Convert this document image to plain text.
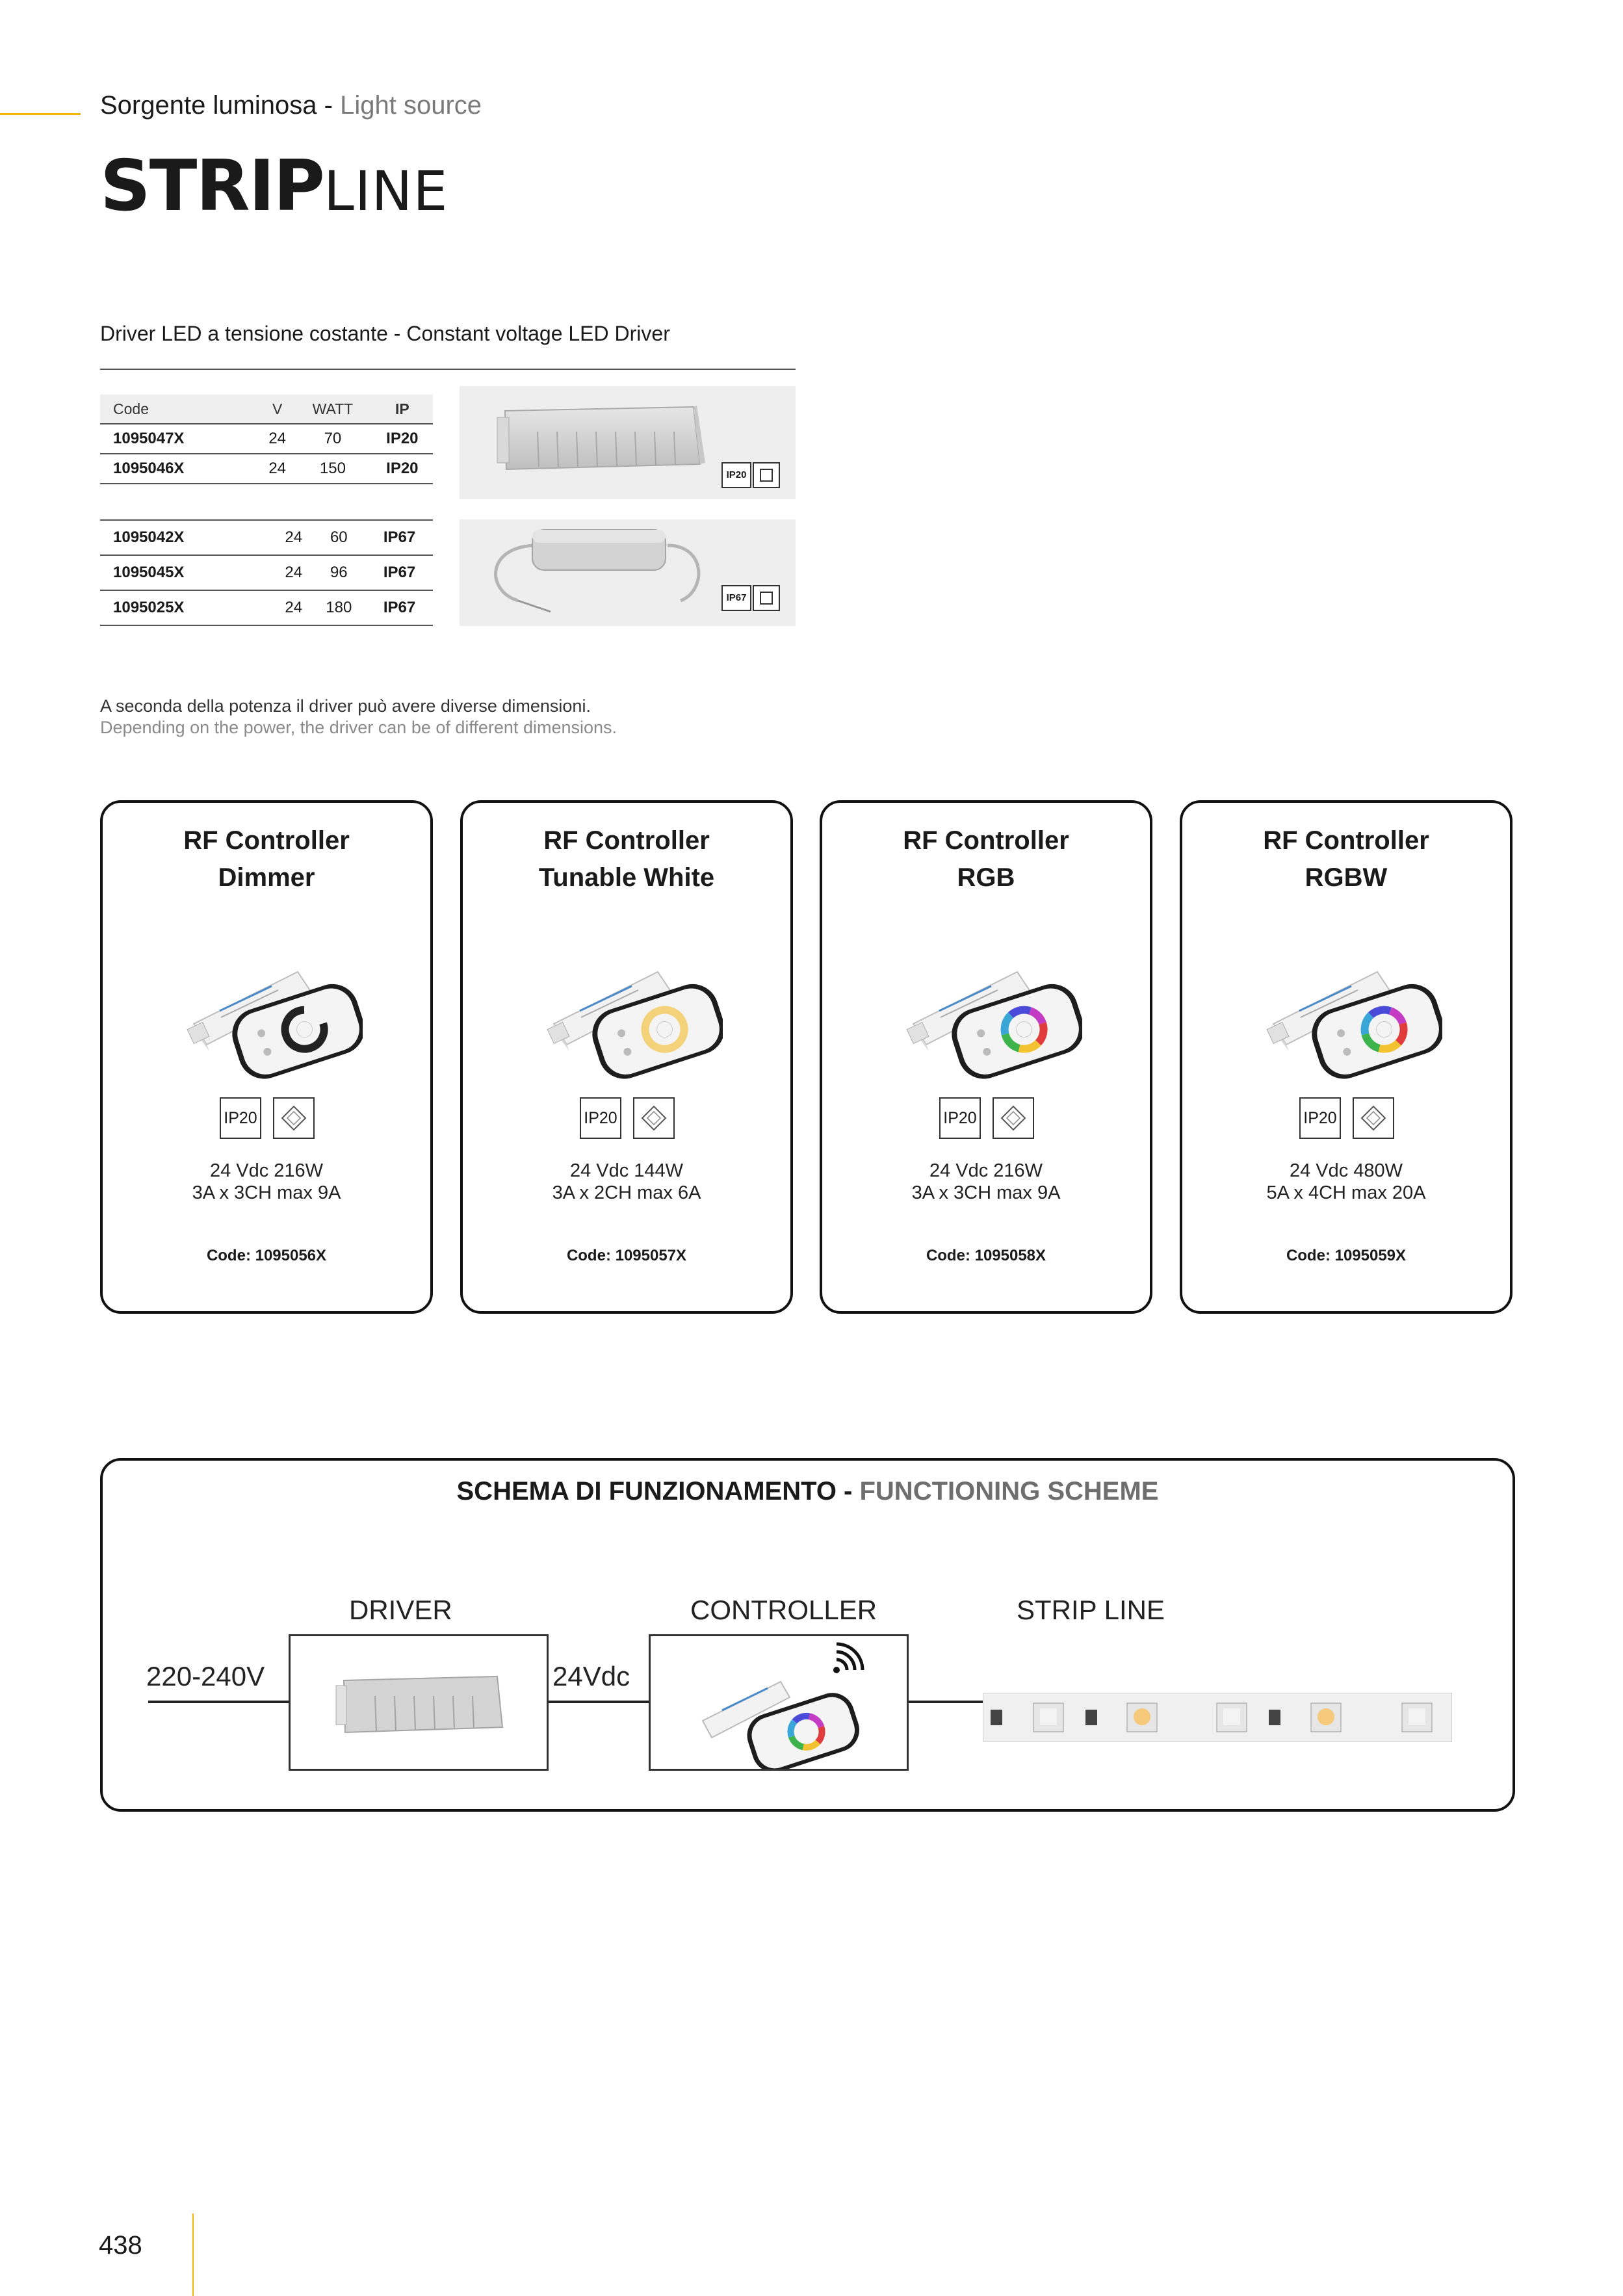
Sorgente luminosa - Light source
STRIPLINE
Driver LED a tensione costante - Constant voltage LED Driver
Code	V	WATT	IP
1095047X	24	70	IP20
1095046X	24	150	IP20
1095042X	24	60	IP67
1095045X	24	96	IP67
1095025X	24	180	IP67
IP20
IP67
A seconda della potenza il driver può avere diverse dimensioni.
Depending on the power, the driver can be of different dimensions.
RF Controller
Dimmer
IP20
24 Vdc 216W
3A x 3CH max 9A
Code: 1095056X
RF Controller
Tunable White
IP20
24 Vdc 144W
3A x 2CH max 6A
Code: 1095057X
RF Controller
RGB
IP20
24 Vdc 216W
3A x 3CH max 9A
Code: 1095058X
RF Controller
RGBW
IP20
24 Vdc 480W
5A x 4CH max 20A
Code: 1095059X
SCHEMA DI FUNZIONAMENTO - FUNCTIONING SCHEME
220-240V
DRIVER
24Vdc
CONTROLLER	STRIP LINE
438
